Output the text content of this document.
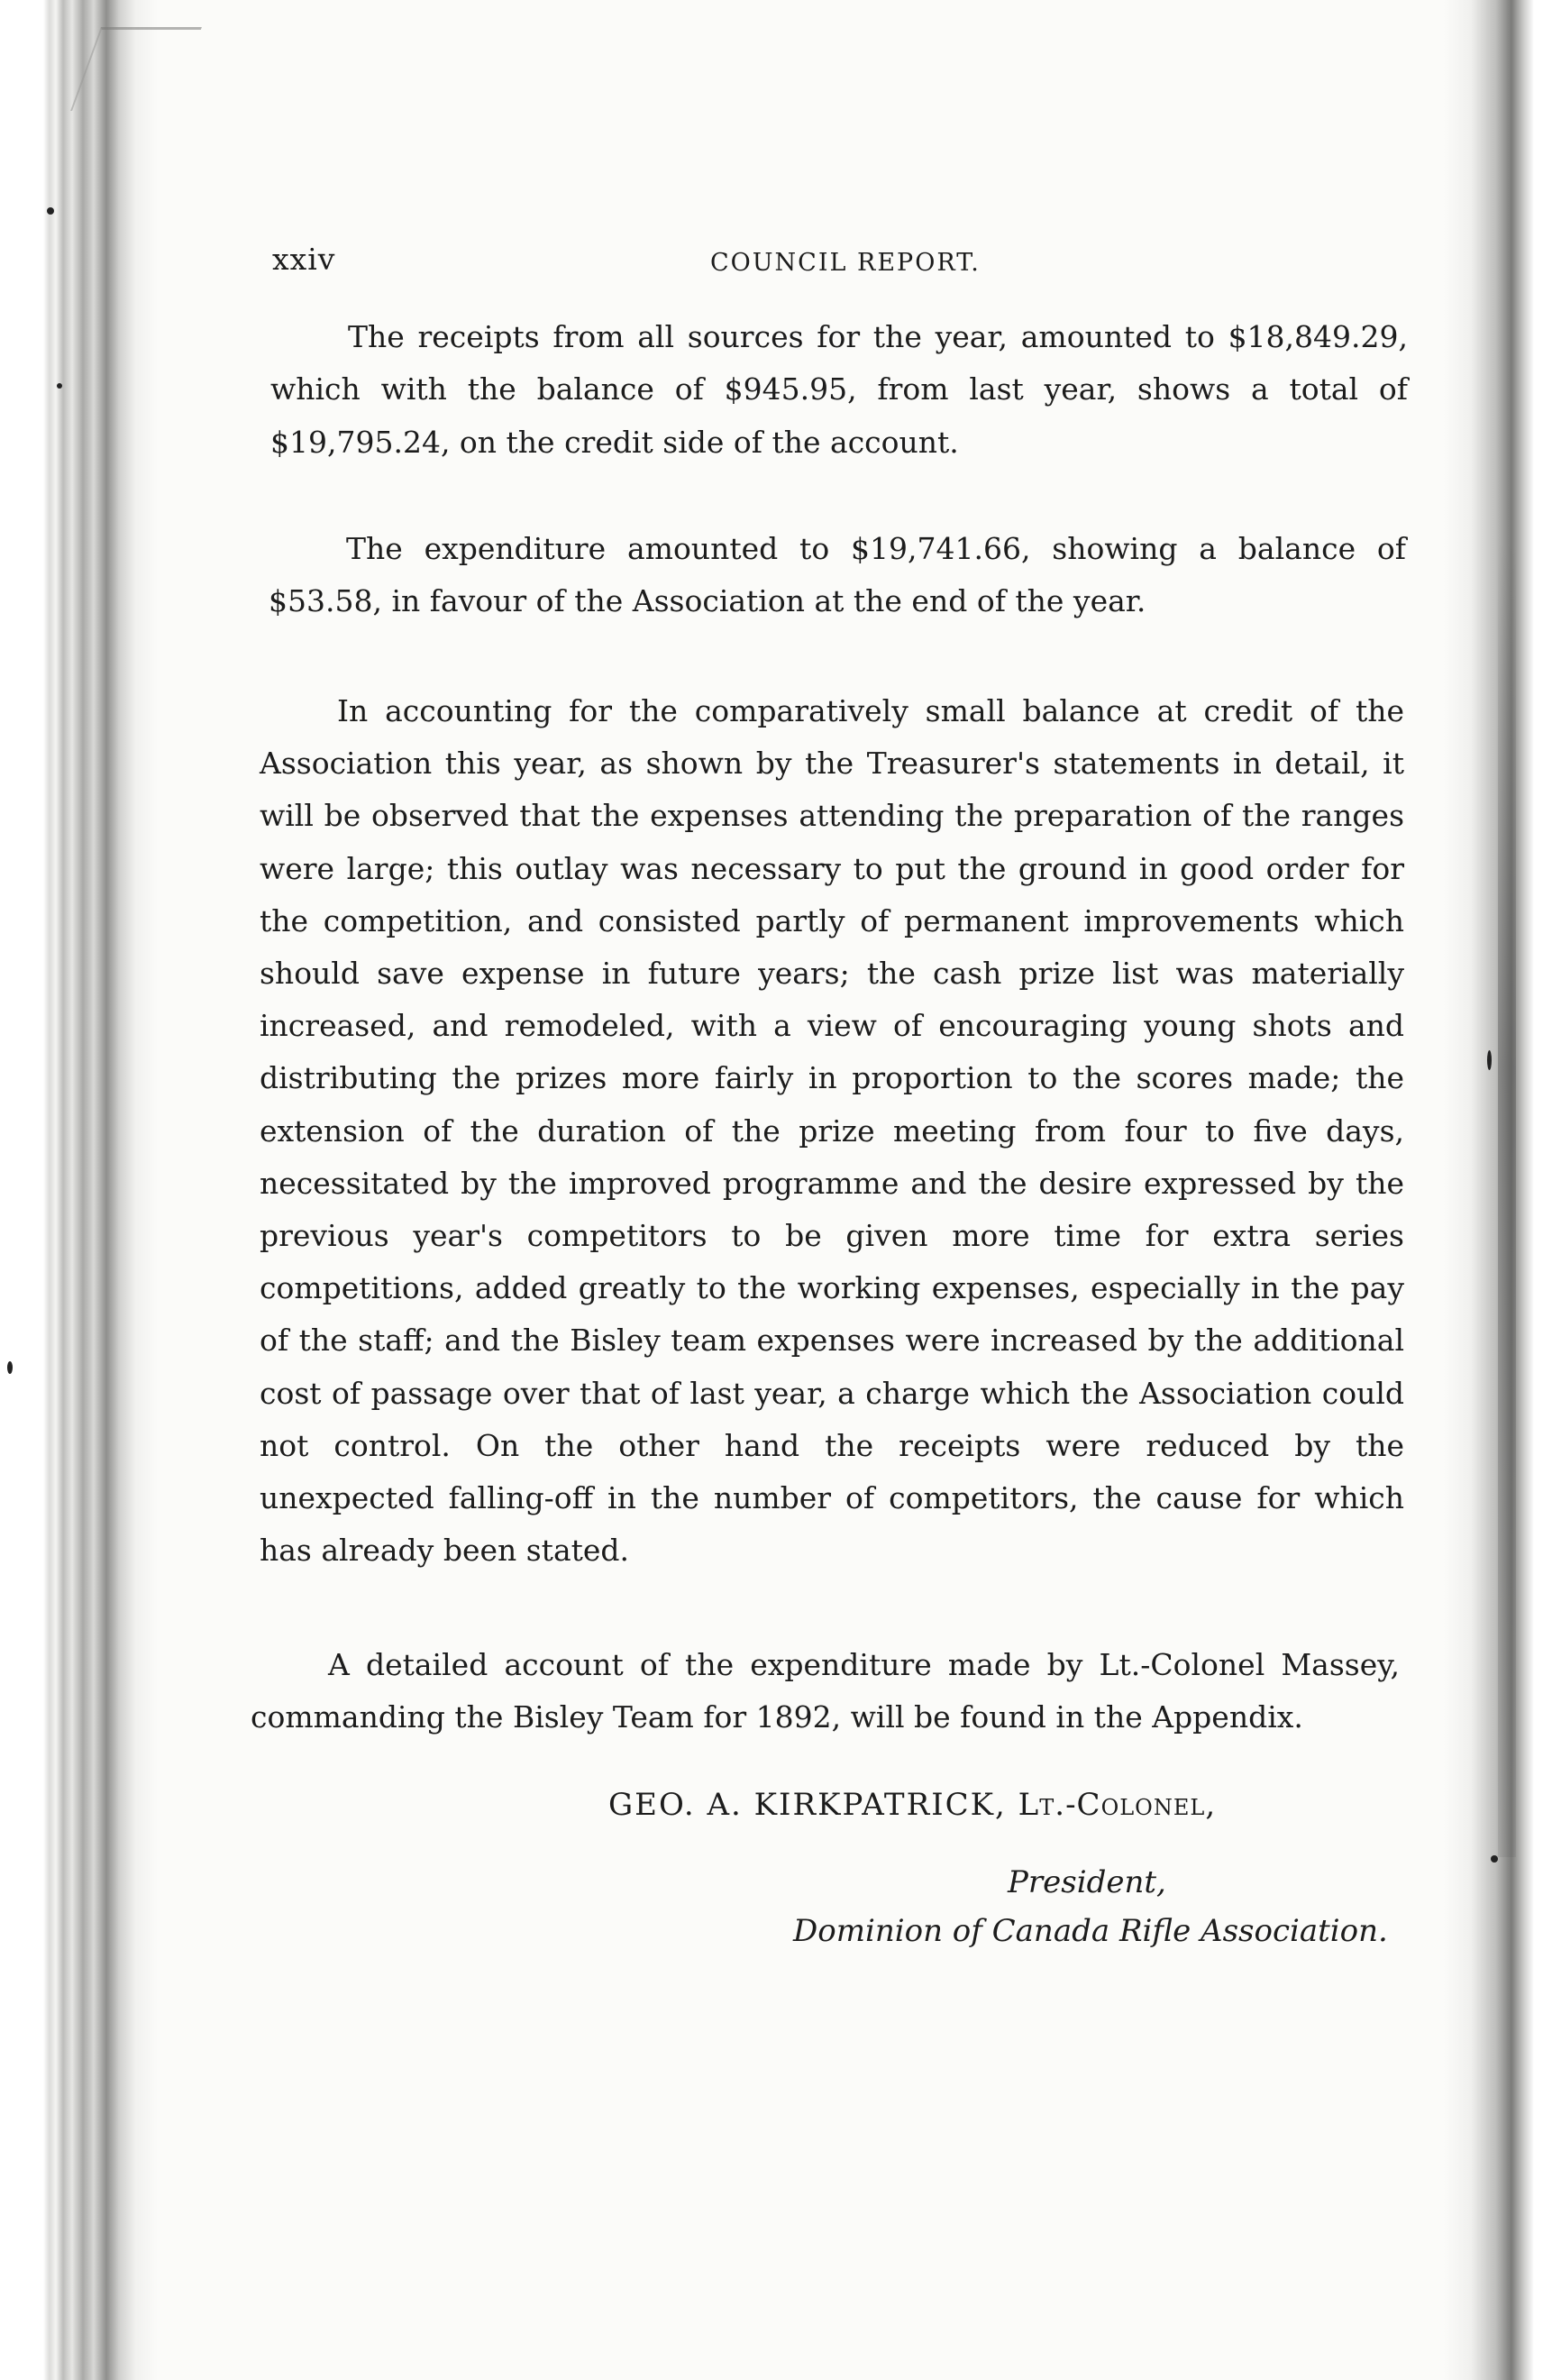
xxiv	COUNCIL REPORT.

The receipts from all sources for the year, amounted to $18,849.29, which with the balance of $945.95, from last year, shows a total of $19,795.24, on the credit side of the account.

The expenditure amounted to $19,741.66, showing a balance of $53.58, in favour of the Association at the end of the year.

In accounting for the comparatively small balance at credit of the Association this year, as shown by the Treasurer's statements in detail, it will be observed that the expenses attending the preparation of the ranges were large; this outlay was necessary to put the ground in good order for the competition, and consisted partly of permanent improvements which should save expense in future years; the cash prize list was materially increased, and remodeled, with a view of encouraging young shots and distributing the prizes more fairly in proportion to the scores made; the extension of the duration of the prize meeting from four to five days, necessitated by the improved programme and the desire expressed by the previous year's competitors to be given more time for extra series competitions, added greatly to the working expenses, especially in the pay of the staff; and the Bisley team expenses were increased by the additional cost of passage over that of last year, a charge which the Association could not control. On the other hand the receipts were reduced by the unexpected falling-off in the number of competitors, the cause for which has already been stated.

A detailed account of the expenditure made by Lt.-Colonel Massey, commanding the Bisley Team for 1892, will be found in the Appendix.

GEO. A. KIRKPATRICK, Lt.-Colonel,
President,
Dominion of Canada Rifle Association.
